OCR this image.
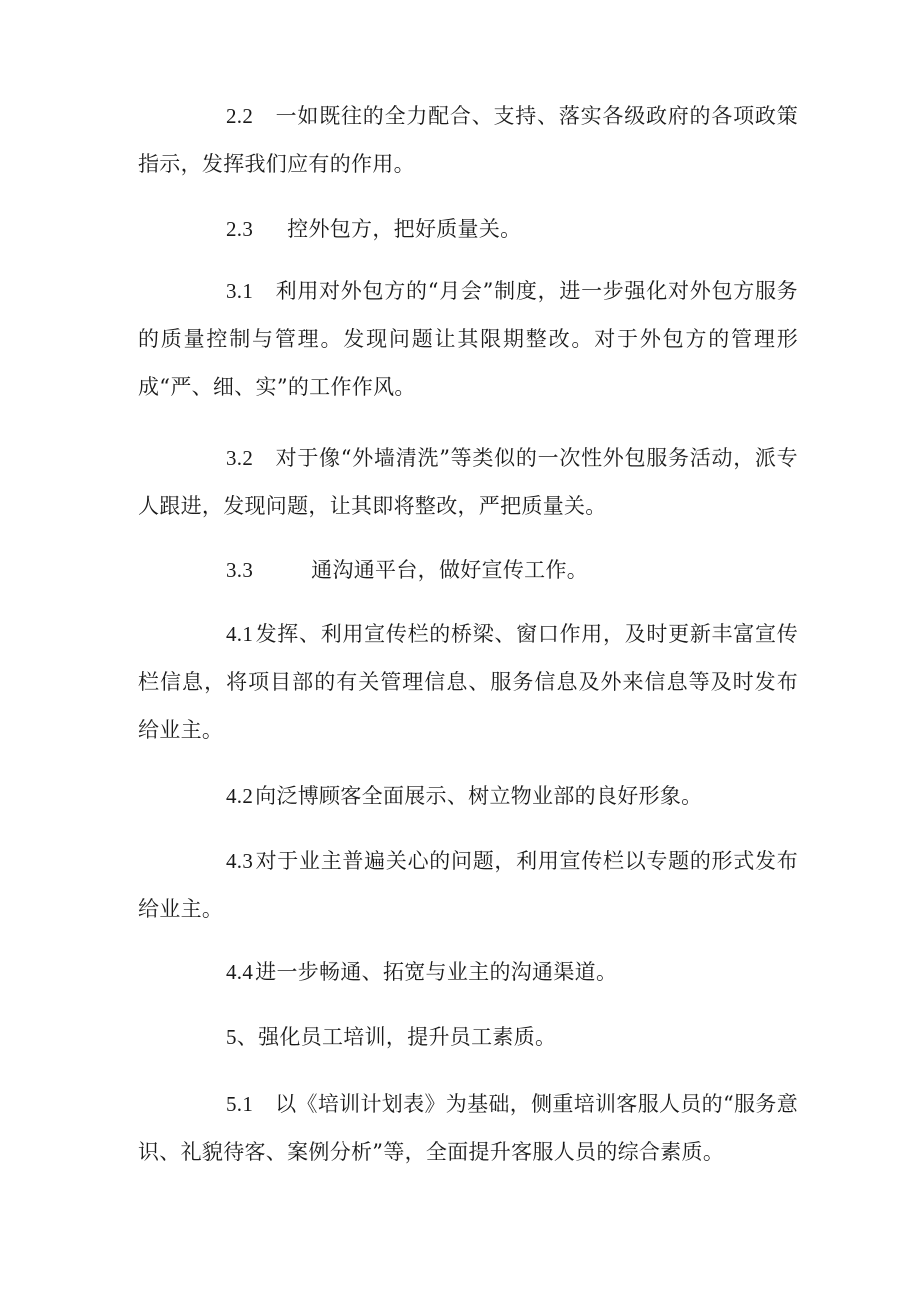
2.2 一如既往的全力配合、支持、落实各级政府的各项政策指示，发挥我们应有的作用。

2.3 控外包方，把好质量关。

3.1 利用对外包方的“月会”制度，进一步强化对外包方服务的质量控制与管理。发现问题让其限期整改。对于外包方的管理形成“严、细、实”的工作作风。

3.2 对于像“外墙清洗”等类似的一次性外包服务活动，派专人跟进，发现问题，让其即将整改，严把质量关。

3.3	通沟通平台，做好宣传工作。

4.1发挥、利用宣传栏的桥梁、窗口作用，及时更新丰富宣传栏信息，将项目部的有关管理信息、服务信息及外来信息等及时发布给业主。

4.2向泛博顾客全面展示、树立物业部的良好形象。

4.3对于业主普遍关心的问题，利用宣传栏以专题的形式发布给业主。

4.4进一步畅通、拓宽与业主的沟通渠道。

5、强化员工培训，提升员工素质。

5.1 以《培训计划表》为基础，侧重培训客服人员的“服务意识、礼貌待客、案例分析”等，全面提升客服人员的综合素质。
